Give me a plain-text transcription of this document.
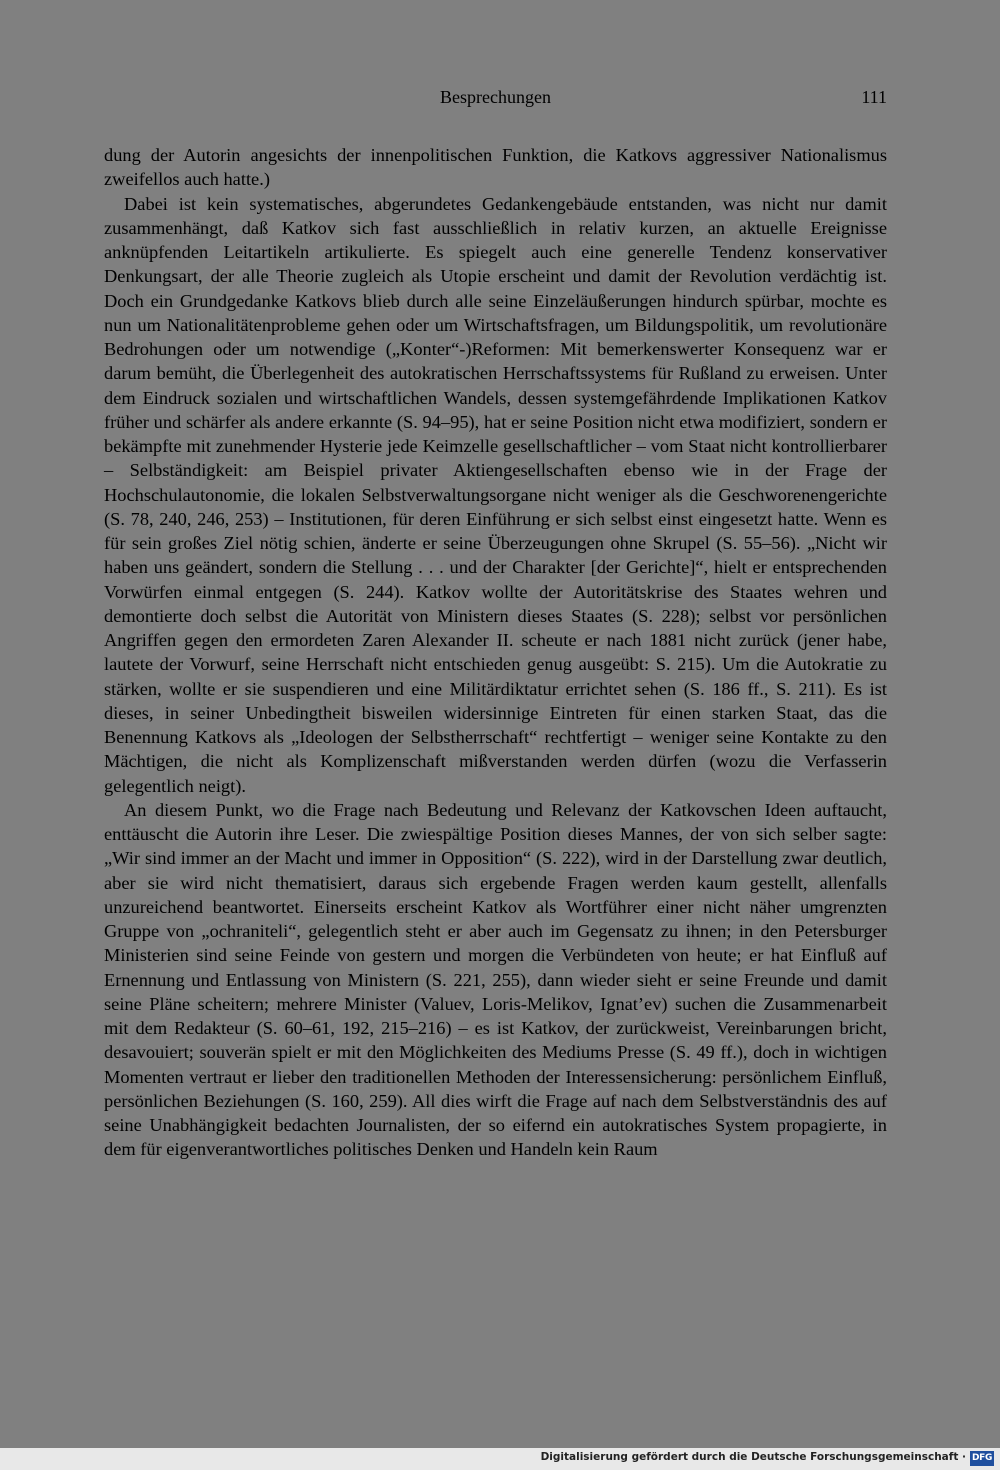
Besprechungen	111

dung der Autorin angesichts der innenpolitischen Funktion, die Katkovs aggressiver Nationalismus zweifellos auch hatte.)

Dabei ist kein systematisches, abgerundetes Gedankengebäude entstanden, was nicht nur damit zusammenhängt, daß Katkov sich fast ausschließlich in relativ kurzen, an aktuelle Ereignisse anknüpfenden Leitartikeln artikulierte. Es spiegelt auch eine generelle Tendenz konservativer Denkungsart, der alle Theorie zugleich als Utopie erscheint und damit der Revolution verdächtig ist. Doch ein Grundgedanke Katkovs blieb durch alle seine Einzeläußerungen hindurch spürbar, mochte es nun um Nationalitätenprobleme gehen oder um Wirtschaftsfragen, um Bildungspolitik, um revolutionäre Bedrohungen oder um notwendige („Konter“-)Reformen: Mit bemerkenswerter Konsequenz war er darum bemüht, die Überlegenheit des autokratischen Herrschaftssystems für Rußland zu erweisen. Unter dem Eindruck sozialen und wirtschaftlichen Wandels, dessen systemgefährdende Implikationen Katkov früher und schärfer als andere erkannte (S. 94–95), hat er seine Position nicht etwa modifiziert, sondern er bekämpfte mit zunehmender Hysterie jede Keimzelle gesellschaftlicher – vom Staat nicht kontrollierbarer – Selbständigkeit: am Beispiel privater Aktiengesellschaften ebenso wie in der Frage der Hochschulautonomie, die lokalen Selbstverwaltungsorgane nicht weniger als die Geschworenengerichte (S. 78, 240, 246, 253) – Institutionen, für deren Einführung er sich selbst einst eingesetzt hatte. Wenn es für sein großes Ziel nötig schien, änderte er seine Überzeugungen ohne Skrupel (S. 55–56). „Nicht wir haben uns geändert, sondern die Stellung . . . und der Charakter [der Gerichte]“, hielt er entsprechenden Vorwürfen einmal entgegen (S. 244). Katkov wollte der Autoritätskrise des Staates wehren und demontierte doch selbst die Autorität von Ministern dieses Staates (S. 228); selbst vor persönlichen Angriffen gegen den ermordeten Zaren Alexander II. scheute er nach 1881 nicht zurück (jener habe, lautete der Vorwurf, seine Herrschaft nicht entschieden genug ausgeübt: S. 215). Um die Autokratie zu stärken, wollte er sie suspendieren und eine Militärdiktatur errichtet sehen (S. 186 ff., S. 211). Es ist dieses, in seiner Unbedingtheit bisweilen widersinnige Eintreten für einen starken Staat, das die Benennung Katkovs als „Ideologen der Selbstherrschaft“ rechtfertigt – weniger seine Kontakte zu den Mächtigen, die nicht als Komplizenschaft mißverstanden werden dürfen (wozu die Verfasserin gelegentlich neigt).

An diesem Punkt, wo die Frage nach Bedeutung und Relevanz der Katkovschen Ideen auftaucht, enttäuscht die Autorin ihre Leser. Die zwiespältige Position dieses Mannes, der von sich selber sagte: „Wir sind immer an der Macht und immer in Opposition“ (S. 222), wird in der Darstellung zwar deutlich, aber sie wird nicht thematisiert, daraus sich ergebende Fragen werden kaum gestellt, allenfalls unzureichend beantwortet. Einerseits erscheint Katkov als Wortführer einer nicht näher umgrenzten Gruppe von „ochraniteli“, gelegentlich steht er aber auch im Gegensatz zu ihnen; in den Petersburger Ministerien sind seine Feinde von gestern und morgen die Verbündeten von heute; er hat Einfluß auf Ernennung und Entlassung von Ministern (S. 221, 255), dann wieder sieht er seine Freunde und damit seine Pläne scheitern; mehrere Minister (Valuev, Loris-Melikov, Ignat’ev) suchen die Zusammenarbeit mit dem Redakteur (S. 60–61, 192, 215–216) – es ist Katkov, der zurückweist, Vereinbarungen bricht, desavouiert; souverän spielt er mit den Möglichkeiten des Mediums Presse (S. 49 ff.), doch in wichtigen Momenten vertraut er lieber den traditionellen Methoden der Interessensicherung: persönlichem Einfluß, persönlichen Beziehungen (S. 160, 259). All dies wirft die Frage auf nach dem Selbstverständnis des auf seine Unabhängigkeit bedachten Journalisten, der so eifernd ein autokratisches System propagierte, in dem für eigenverantwortliches politisches Denken und Handeln kein Raum

Digitalisierung gefördert durch die Deutsche Forschungsgemeinschaft · DFG
